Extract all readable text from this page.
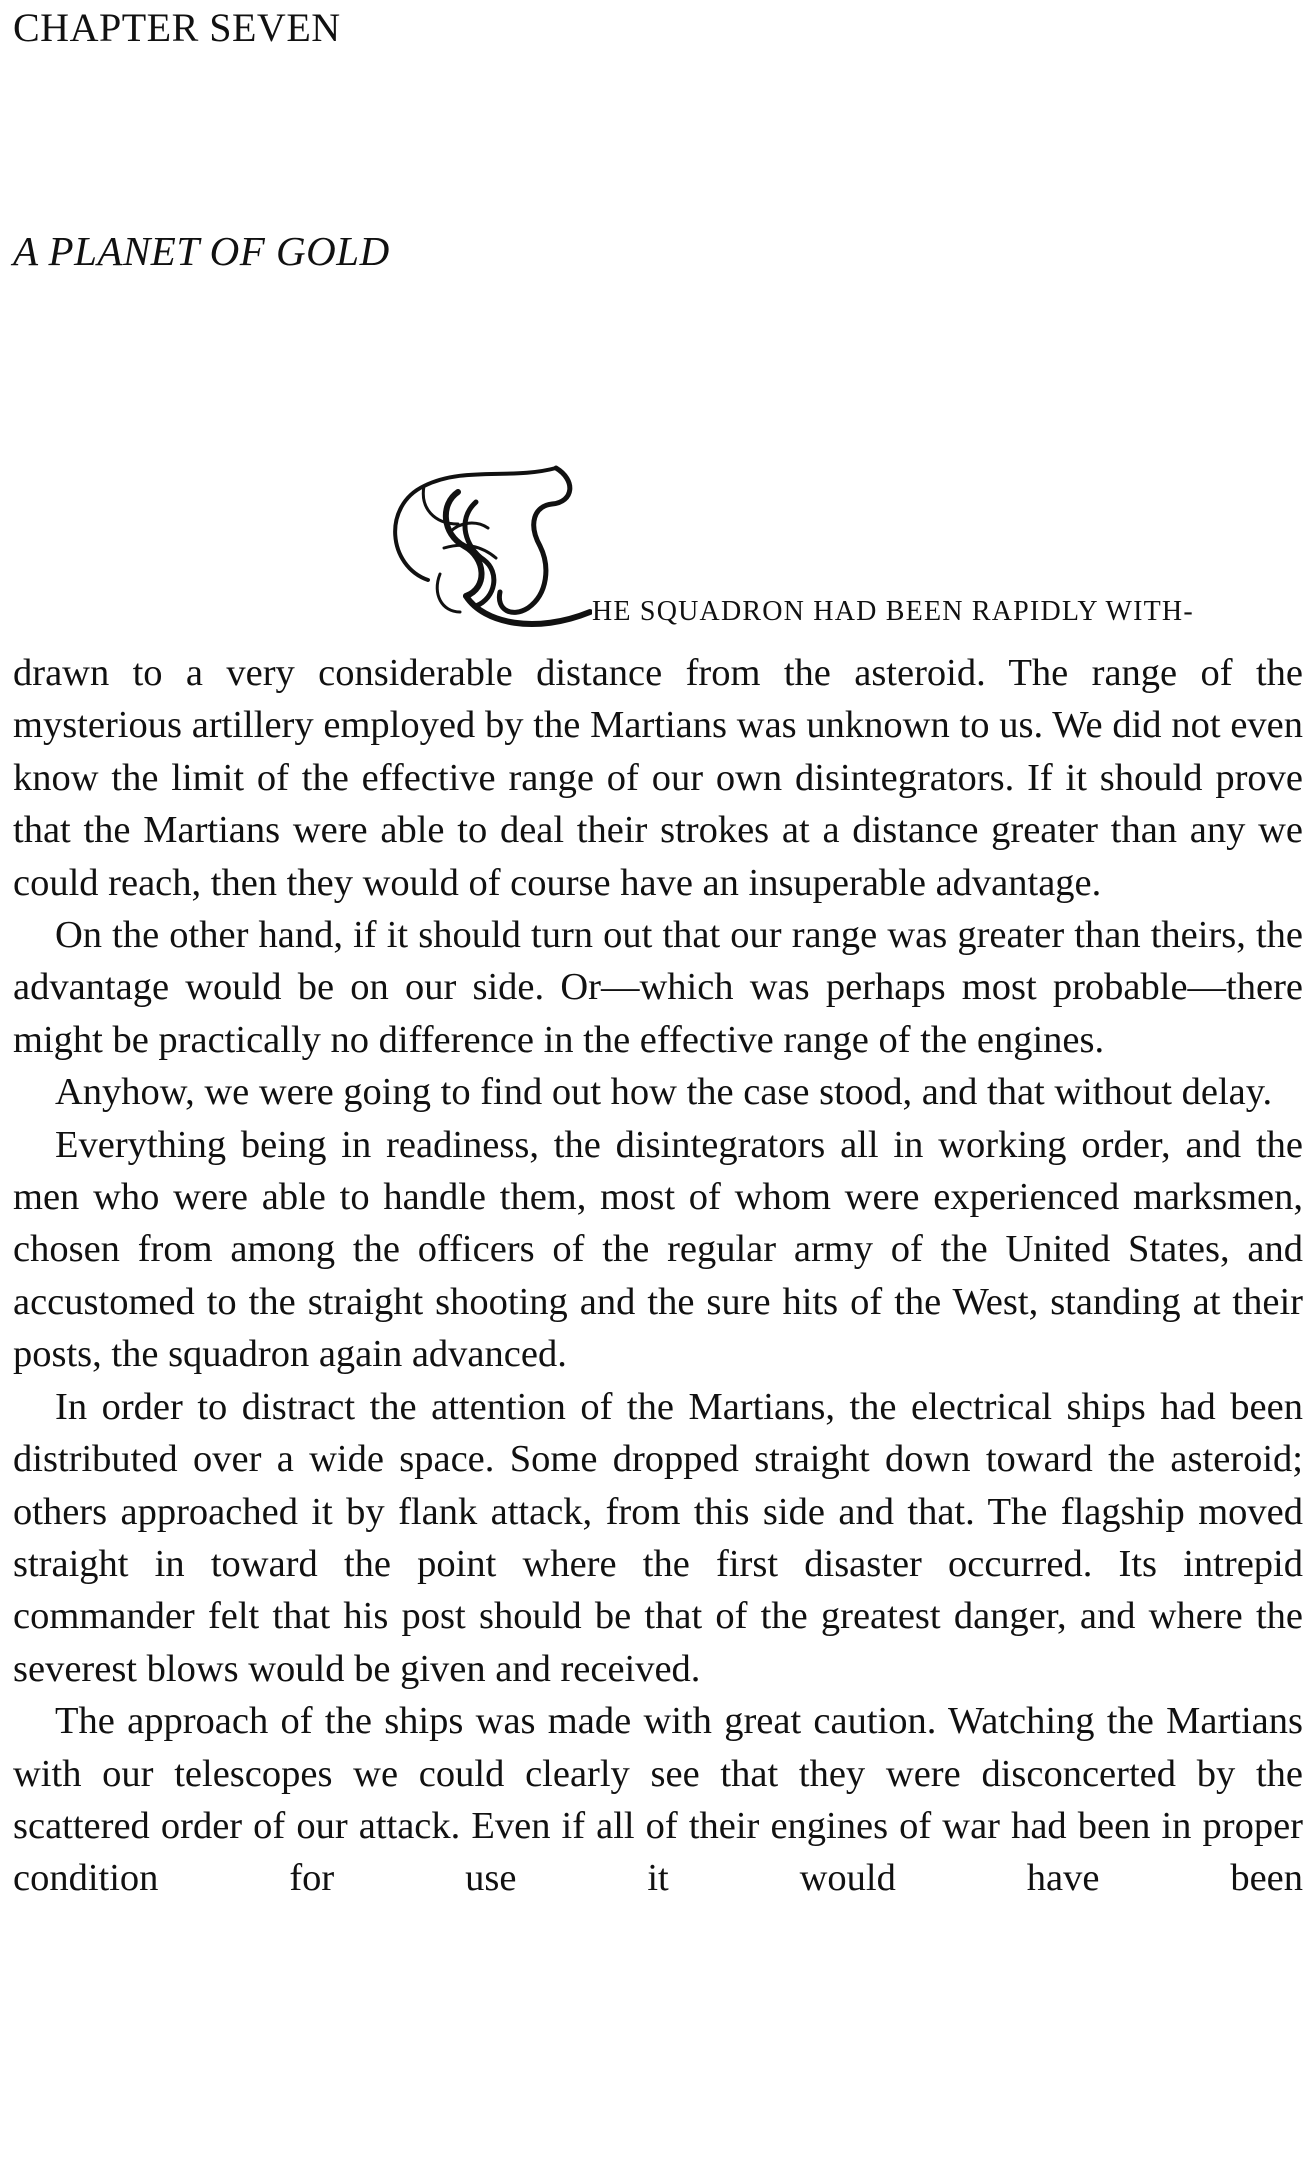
CHAPTER SEVEN
A PLANET OF GOLD
HE SQUADRON HAD BEEN RAPIDLY WITH-

drawn to a very considerable distance from the asteroid. The range of the mysterious artillery employed by the Martians was unknown to us. We did not even know the limit of the effective range of our own disintegrators. If it should prove that the Martians were able to deal their strokes at a distance greater than any we could reach, then they would of course have an insuperable advantage.

On the other hand, if it should turn out that our range was greater than theirs, the advantage would be on our side. Or—which was perhaps most probable—there might be practically no difference in the effective range of the engines.

Anyhow, we were going to find out how the case stood, and that without delay.

Everything being in readiness, the disintegrators all in working order, and the men who were able to handle them, most of whom were experienced marksmen, chosen from among the officers of the regular army of the United States, and accustomed to the straight shooting and the sure hits of the West, standing at their posts, the squadron again advanced.

In order to distract the attention of the Martians, the electrical ships had been distributed over a wide space. Some dropped straight down toward the asteroid; others approached it by flank attack, from this side and that. The flagship moved straight in toward the point where the first disaster occurred. Its intrepid commander felt that his post should be that of the greatest danger, and where the severest blows would be given and received.

The approach of the ships was made with great caution. Watching the Martians with our telescopes we could clearly see that they were disconcerted by the scattered order of our attack. Even if all of their engines of war had been in proper condition for use it would have been
